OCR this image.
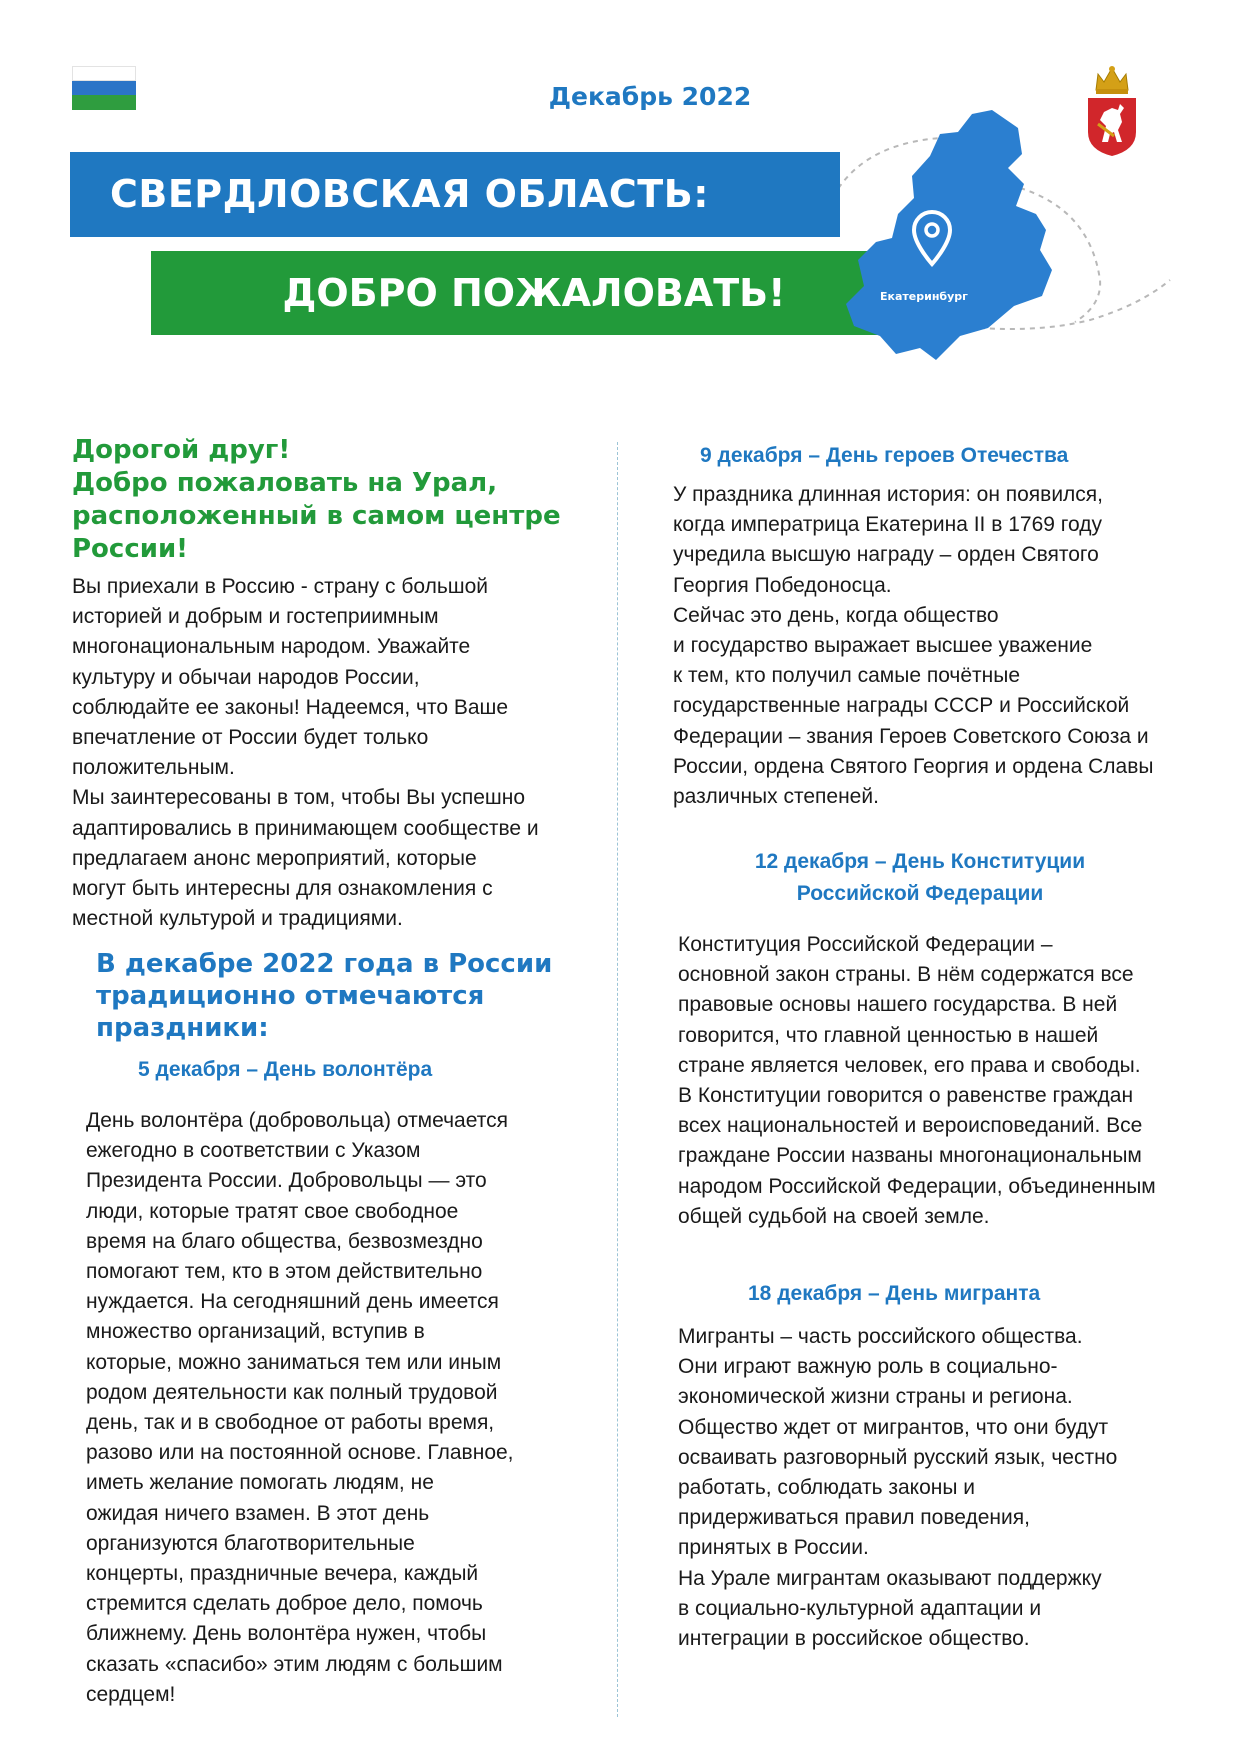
Декабрь 2022
СВЕРДЛОВСКАЯ ОБЛАСТЬ:
ДОБРО ПОЖАЛОВАТЬ!	Екатеринбург
Дорогой друг!
Добро пожаловать на Урал,
расположенный в самом центре
России!

Вы приехали в Россию - страну с большой

историей и добрым и гостеприимным

многонациональным народом. Уважайте

культуру и обычаи народов России,

соблюдайте ее законы! Надеемся, что Ваше

впечатление от России будет только

положительным.

Мы заинтересованы в том, чтобы Вы успешно

адаптировались в принимающем сообществе и

предлагаем анонс мероприятий, которые

могут быть интересны для ознакомления с

местной культурой и традициями.

В декабре 2022 года в России
традиционно отмечаются
праздники:
5 декабря – День волонтёра

День волонтёра (добровольца) отмечается

ежегодно в соответствии с Указом

Президента России. Добровольцы — это

люди, которые тратят свое свободное

время на благо общества, безвозмездно

помогают тем, кто в этом действительно

нуждается. На сегодняшний день имеется

множество организаций, вступив в

которые, можно заниматься тем или иным

родом деятельности как полный трудовой

день, так и в свободное от работы время,

разово или на постоянной основе. Главное,

иметь желание помогать людям, не

ожидая ничего взамен. В этот день

организуются благотворительные

концерты, праздничные вечера, каждый

стремится сделать доброе дело, помочь

ближнему. День волонтёра нужен, чтобы

сказать «спасибо» этим людям с большим

сердцем!

9 декабря – День героев Отечества

У праздника длинная история: он появился,

когда императрица Екатерина II в 1769 году

учредила высшую награду – орден Святого

Георгия Победоносца.

Сейчас это день, когда общество

и государство выражает высшее уважение

к тем, кто получил самые почётные

государственные награды СССР и Российской

Федерации – звания Героев Советского Союза и

России, ордена Святого Георгия и ордена Славы

различных степеней.

12 декабря – День Конституции
Российской Федерации

Конституция Российской Федерации –

основной закон страны. В нём содержатся все

правовые основы нашего государства. В ней

говорится, что главной ценностью в нашей

стране является человек, его права и свободы.

В Конституции говорится о равенстве граждан

всех национальностей и вероисповеданий. Все

граждане России названы многонациональным

народом Российской Федерации, объединенным

общей судьбой на своей земле.

18 декабря – День мигранта

Мигранты – часть российского общества.

Они играют важную роль в социально-

экономической жизни страны и региона.

Общество ждет от мигрантов, что они будут

осваивать разговорный русский язык, честно

работать, соблюдать законы и

придерживаться правил поведения,

принятых в России.

На Урале мигрантам оказывают поддержку

в социально-культурной адаптации и

интеграции в российское общество.
